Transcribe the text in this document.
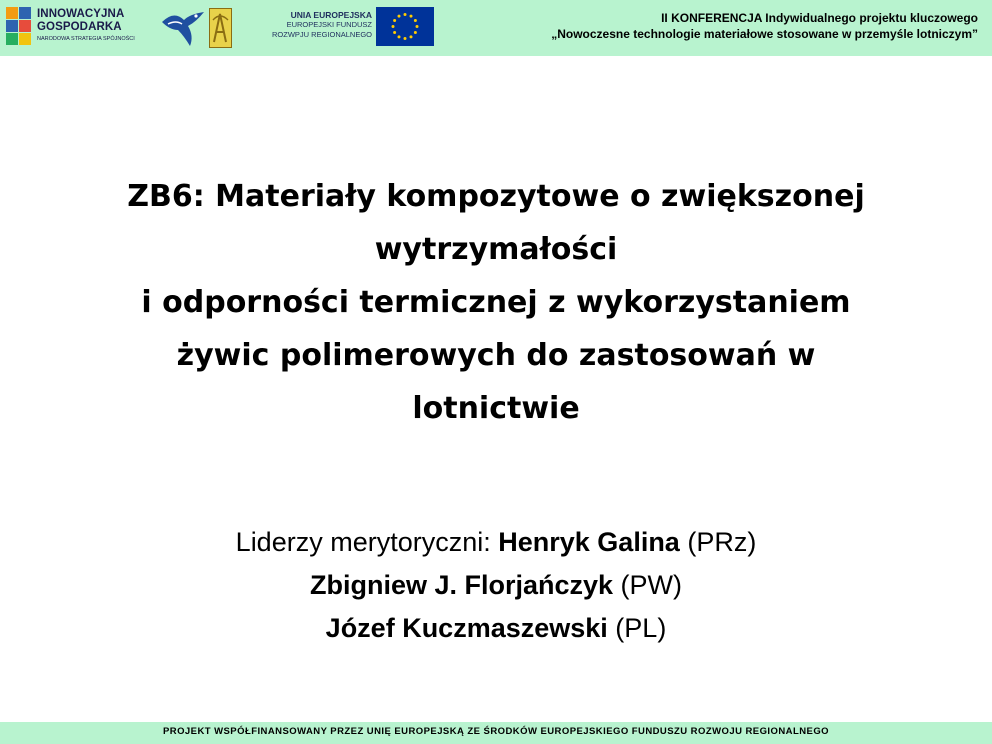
INNOWACYJNA
GOSPODARKA
NARODOWA STRATEGIA SPÓJNOŚCI
UNIA EUROPEJSKA
EUROPEJSKI FUNDUSZ
ROZWPJU REGIONALNEGO
II KONFERENCJA Indywidualnego projektu kluczowego
„Nowoczesne technologie materiałowe stosowane w przemyśle lotniczym”
ZB6: Materiały kompozytowe o zwiększonej
wytrzymałości
i odporności termicznej z wykorzystaniem
żywic polimerowych do zastosowań w
lotnictwie
Liderzy merytoryczni: Henryk Galina (PRz)
Zbigniew J. Florjańczyk (PW)
Józef Kuczmaszewski (PL)
PROJEKT WSPÓŁFINANSOWANY PRZEZ UNIĘ EUROPEJSKĄ ZE ŚRODKÓW EUROPEJSKIEGO FUNDUSZU ROZWOJU REGIONALNEGO
